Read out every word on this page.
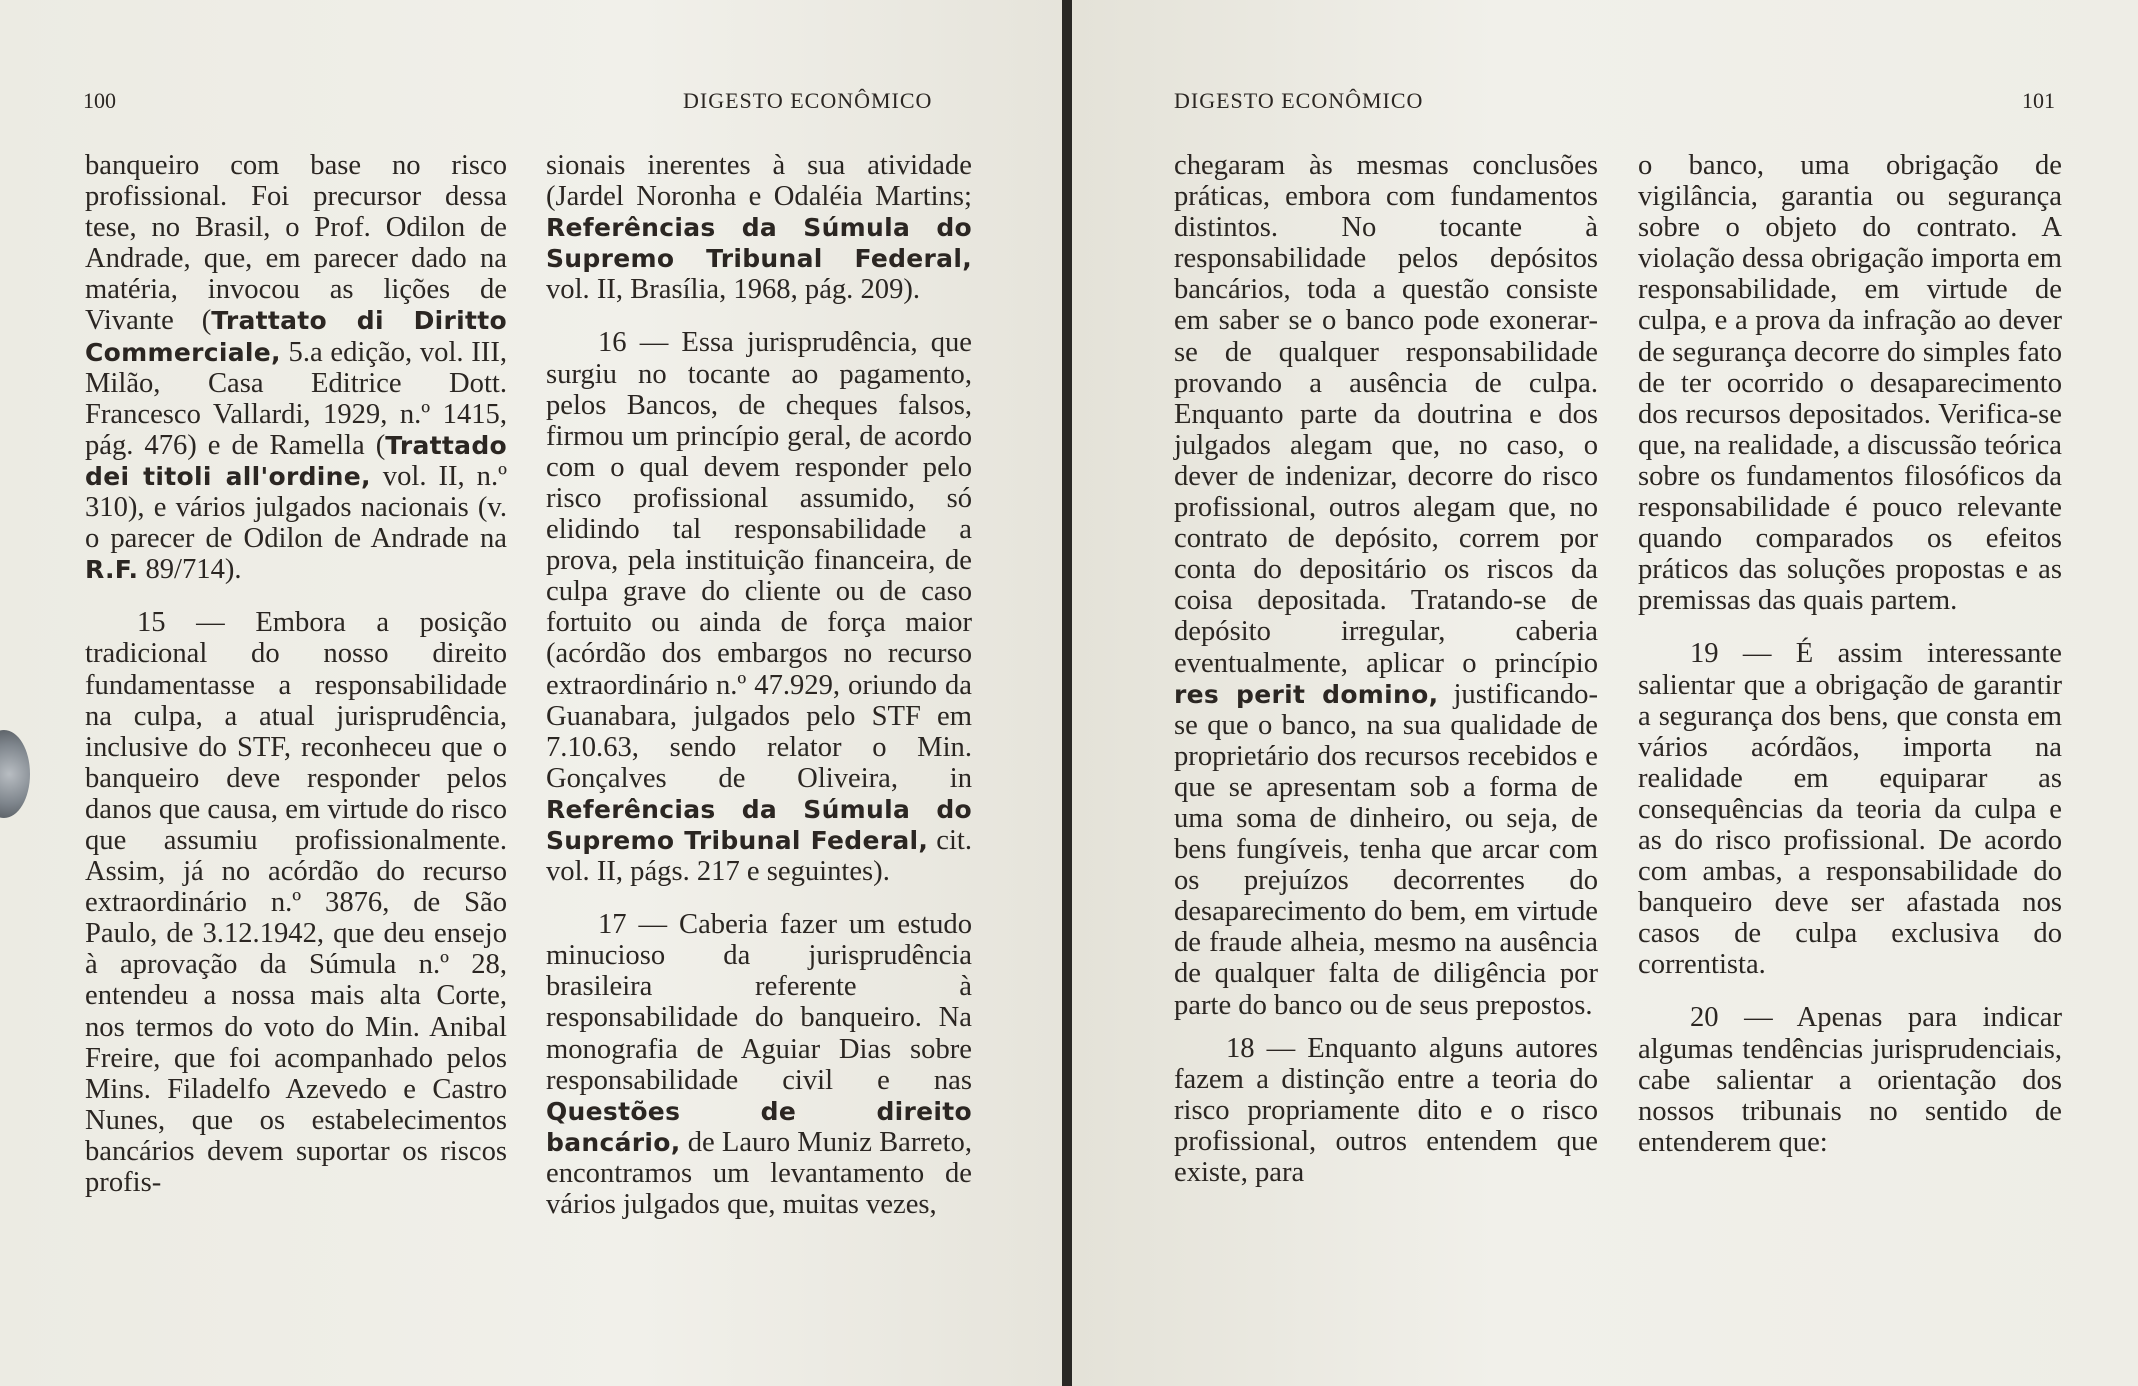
100	DIGESTO ECONÔMICO

banqueiro com base no risco profissional. Foi precursor dessa tese, no Brasil, o Prof. Odilon de Andrade, que, em parecer dado na matéria, invocou as lições de Vivante (Trattato di Diritto Commerciale, 5.a edição, vol. III, Milão, Casa Editrice Dott. Francesco Vallardi, 1929, n.º 1415, pág. 476) e de Ramella (Trattado dei titoli all'ordine, vol. II, n.º 310), e vários julgados nacionais (v. o parecer de Odilon de Andrade na R.F. 89/714).

15 — Embora a posição tradicional do nosso direito fundamentasse a responsabilidade na culpa, a atual jurisprudência, inclusive do STF, reconheceu que o banqueiro deve responder pelos danos que causa, em virtude do risco que assumiu profissionalmente. Assim, já no acórdão do recurso extraordinário n.º 3876, de São Paulo, de 3.12.1942, que deu ensejo à aprovação da Súmula n.º 28, entendeu a nossa mais alta Corte, nos termos do voto do Min. Anibal Freire, que foi acompanhado pelos Mins. Filadelfo Azevedo e Castro Nunes, que os estabelecimentos bancários devem suportar os riscos profis-

sionais inerentes à sua atividade (Jardel Noronha e Odaléia Martins; Referências da Súmula do Supremo Tribunal Federal, vol. II, Brasília, 1968, pág. 209).

16 — Essa jurisprudência, que surgiu no tocante ao pagamento, pelos Bancos, de cheques falsos, firmou um princípio geral, de acordo com o qual devem responder pelo risco profissional assumido, só elidindo tal responsabilidade a prova, pela instituição financeira, de culpa grave do cliente ou de caso fortuito ou ainda de força maior (acórdão dos embargos no recurso extraordinário n.º 47.929, oriundo da Guanabara, julgados pelo STF em 7.10.63, sendo relator o Min. Gonçalves de Oliveira, in Referências da Súmula do Supremo Tribunal Federal, cit. vol. II, págs. 217 e seguintes).

17 — Caberia fazer um estudo minucioso da jurisprudência brasileira referente à responsabilidade do banqueiro. Na monografia de Aguiar Dias sobre responsabilidade civil e nas Questões de direito bancário, de Lauro Muniz Barreto, encontramos um levantamento de vários julgados que, muitas vezes,

DIGESTO ECONÔMICO	101

chegaram às mesmas conclusões práticas, embora com fundamentos distintos. No tocante à responsabilidade pelos depósitos bancários, toda a questão consiste em saber se o banco pode exonerar-se de qualquer responsabilidade provando a ausência de culpa. Enquanto parte da doutrina e dos julgados alegam que, no caso, o dever de indenizar, decorre do risco profissional, outros alegam que, no contrato de depósito, correm por conta do depositário os riscos da coisa depositada. Tratando-se de depósito irregular, caberia eventualmente, aplicar o princípio res perit domino, justificando-se que o banco, na sua qualidade de proprietário dos recursos recebidos e que se apresentam sob a forma de uma soma de dinheiro, ou seja, de bens fungíveis, tenha que arcar com os prejuízos decorrentes do desaparecimento do bem, em virtude de fraude alheia, mesmo na ausência de qualquer falta de diligência por parte do banco ou de seus prepostos.

18 — Enquanto alguns autores fazem a distinção entre a teoria do risco propriamente dito e o risco profissional, outros entendem que existe, para

o banco, uma obrigação de vigilância, garantia ou segurança sobre o objeto do contrato. A violação dessa obrigação importa em responsabilidade, em virtude de culpa, e a prova da infração ao dever de segurança decorre do simples fato de ter ocorrido o desaparecimento dos recursos depositados. Verifica-se que, na realidade, a discussão teórica sobre os fundamentos filosóficos da responsabilidade é pouco relevante quando comparados os efeitos práticos das soluções propostas e as premissas das quais partem.

19 — É assim interessante salientar que a obrigação de garantir a segurança dos bens, que consta em vários acórdãos, importa na realidade em equiparar as consequências da teoria da culpa e as do risco profissional. De acordo com ambas, a responsabilidade do banqueiro deve ser afastada nos casos de culpa exclusiva do correntista.

20 — Apenas para indicar algumas tendências jurisprudenciais, cabe salientar a orientação dos nossos tribunais no sentido de entenderem que:
